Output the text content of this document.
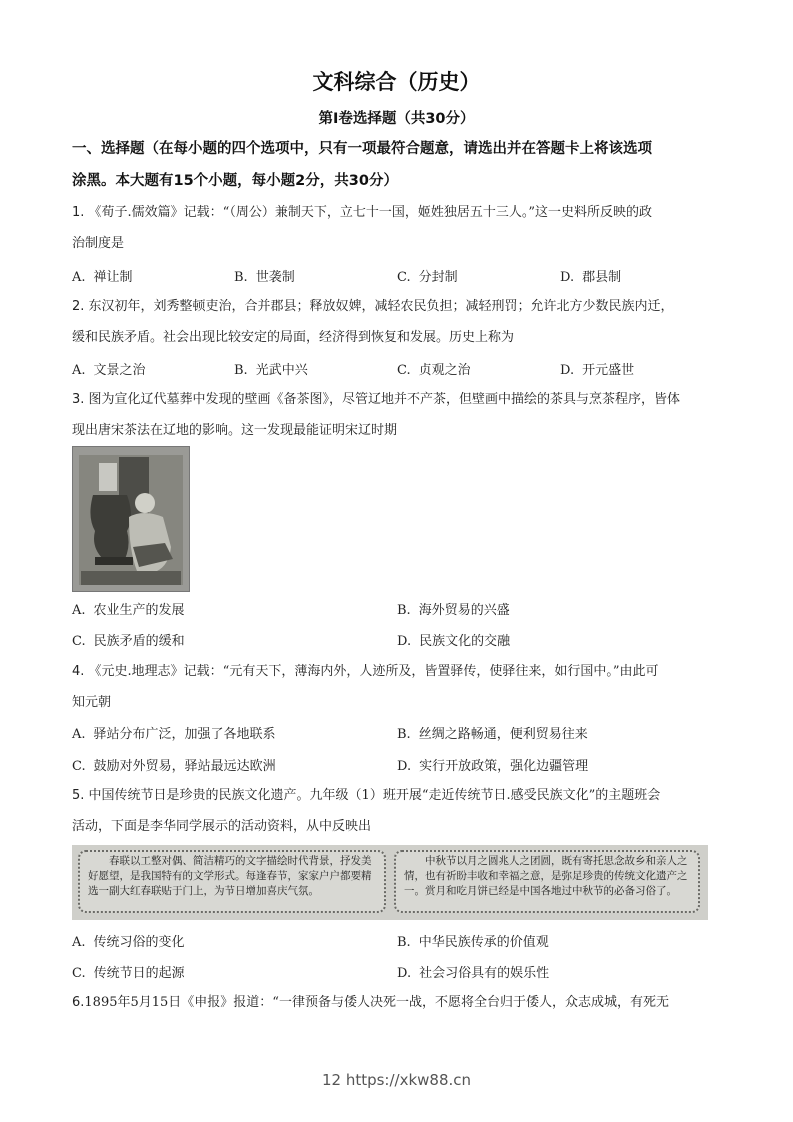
文科综合（历史）
第Ⅰ卷选择题（共30分）
一、选择题（在每小题的四个选项中，只有一项最符合题意，请选出并在答题卡上将该选项
涂黑。本大题有15个小题，每小题2分，共30分）
1. 《荀子.儒效篇》记载：“（周公）兼制天下，立七十一国，姬姓独居五十三人。”这一史料所反映的政
治制度是
A. 禅让制	B. 世袭制	C. 分封制	D. 郡县制
2. 东汉初年，刘秀整顿吏治，合并郡县；释放奴婢，减轻农民负担；减轻刑罚；允许北方少数民族内迁，
缓和民族矛盾。社会出现比较安定的局面，经济得到恢复和发展。历史上称为
A. 文景之治	B. 光武中兴	C. 贞观之治	D. 开元盛世
3. 图为宣化辽代墓葬中发现的壁画《备茶图》，尽管辽地并不产茶，但壁画中描绘的茶具与烹茶程序，皆体
现出唐宋茶法在辽地的影响。这一发现最能证明宋辽时期
A. 农业生产的发展	B. 海外贸易的兴盛
C. 民族矛盾的缓和	D. 民族文化的交融
4. 《元史.地理志》记载：“元有天下，薄海内外，人迹所及，皆置驿传，使驿往来，如行国中。”由此可
知元朝
A. 驿站分布广泛，加强了各地联系	B. 丝绸之路畅通，便利贸易往来
C. 鼓励对外贸易，驿站最远达欧洲	D. 实行开放政策，强化边疆管理
5. 中国传统节日是珍贵的民族文化遗产。九年级（1）班开展“走近传统节日.感受民族文化”的主题班会
活动，下面是李华同学展示的活动资料，从中反映出
春联以工整对偶、简洁精巧的文字描绘时代背景，抒发美好愿望，是我国特有的文学形式。每逢春节，家家户户都要精选一副大红春联贴于门上，为节日增加喜庆气氛。
中秋节以月之圆兆人之团圆，既有寄托思念故乡和亲人之情，也有祈盼丰收和幸福之意，是弥足珍贵的传统文化遗产之一。赏月和吃月饼已经是中国各地过中秋节的必备习俗了。
A. 传统习俗的变化	B. 中华民族传承的价值观
C. 传统节日的起源	D. 社会习俗具有的娱乐性
6.1895年5月15日《申报》报道：“一律预备与倭人决死一战，不愿将全台归于倭人，众志成城，有死无
12 https://xkw88.cn
